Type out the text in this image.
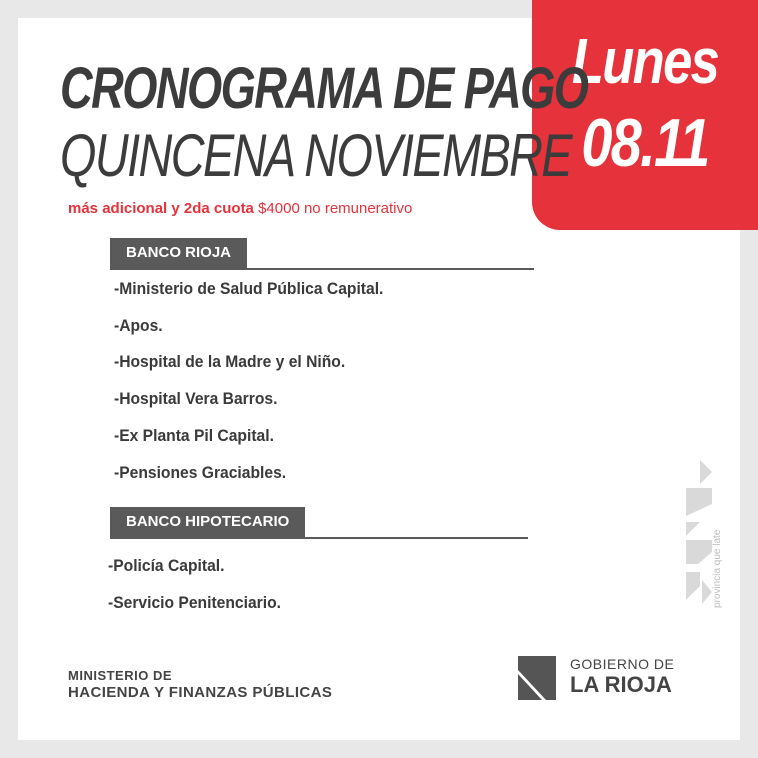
Lunes
08.11
CRONOGRAMA DE PAGO
QUINCENA NOVIEMBRE
más adicional y 2da cuota $4000 no remunerativo
BANCO RIOJA
-Ministerio de Salud Pública Capital.
-Apos.
-Hospital de la Madre y el Niño.
-Hospital Vera Barros.
-Ex Planta Pil Capital.
-Pensiones Graciables.
BANCO HIPOTECARIO
-Policía Capital.
-Servicio Penitenciario.	provincia que late
MINISTERIO DE
HACIENDA Y FINANZAS PÚBLICAS
GOBIERNO DE
LA RIOJA
